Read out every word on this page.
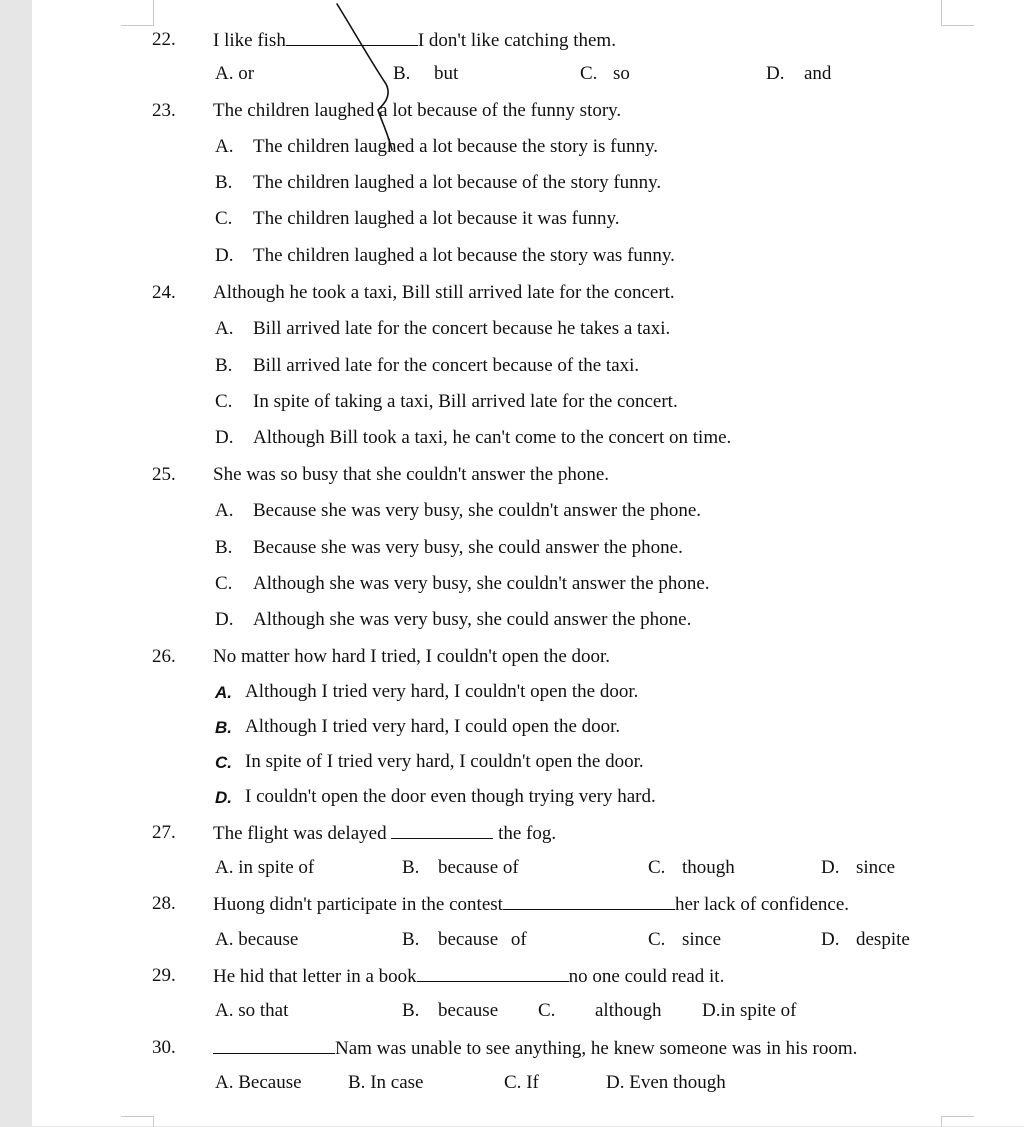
22. I like fish	I don't like catching them.
A. or	B. but	C. so	D. and
23. The children laughed a lot because of the funny story.
A.	The children laughed a lot because the story is funny.
B.	The children laughed a lot because of the story funny.
C.	The children laughed a lot because it was funny.
D.	The children laughed a lot because the story was funny.
24. Although he took a taxi, Bill still arrived late for the concert.
A.	Bill arrived late for the concert because he takes a taxi.
B.	Bill arrived late for the concert because of the taxi.
C.	In spite of taking a taxi, Bill arrived late for the concert.
D.	Although Bill took a taxi, he can't come to the concert on time.
25. She was so busy that she couldn't answer the phone.
A.	Because she was very busy, she couldn't answer the phone.
B.	Because she was very busy, she could answer the phone.
C.	Although she was very busy, she couldn't answer the phone.
D.	Although she was very busy, she could answer the phone.
26. No matter how hard I tried, I couldn't open the door.
A. Although I tried very hard, I couldn't open the door.
B. Although I tried very hard, I could open the door.
C. In spite of I tried very hard, I couldn't open the door.
D. I couldn't open the door even though trying very hard.
27. The flight was delayed	the fog.
A. in spite of	B. because of	C. though	D. since
28. Huong didn't participate in the contest	her lack of confidence.
A. because	B. because of	C. since	D. despite
29. He hid that letter in a book	no one could read it.
A. so that	B. because C. although D.in spite of
30.	Nam was unable to see anything, he knew someone was in his room.
A. Because B. In case	C. If	D. Even though
